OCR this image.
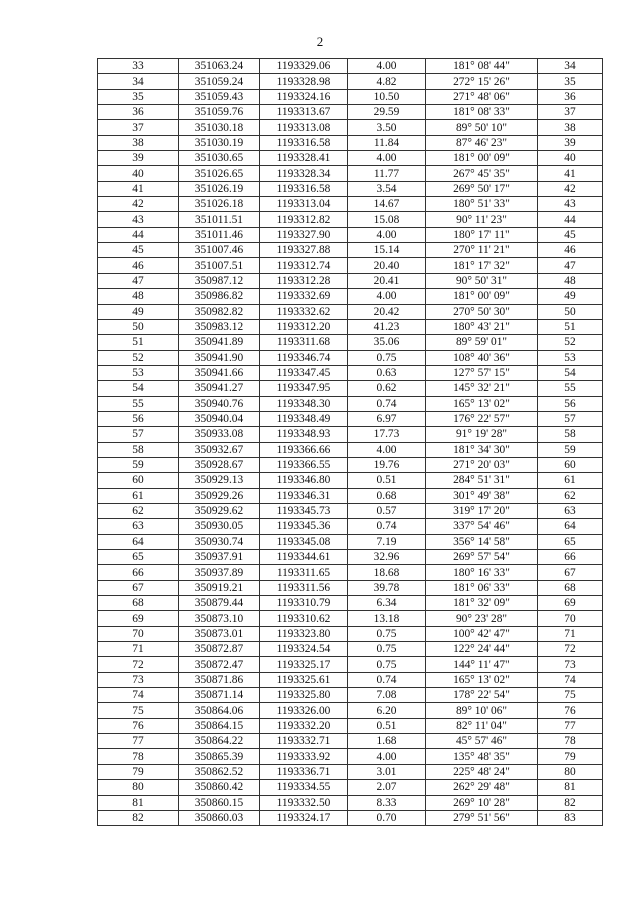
2
33	351063.24	1193329.06	4.00	181° 08' 44"	34
34	351059.24	1193328.98	4.82	272° 15' 26"	35
35	351059.43	1193324.16	10.50	271° 48' 06"	36
36	351059.76	1193313.67	29.59	181° 08' 33"	37
37	351030.18	1193313.08	3.50	89° 50' 10"	38
38	351030.19	1193316.58	11.84	87° 46' 23"	39
39	351030.65	1193328.41	4.00	181° 00' 09"	40
40	351026.65	1193328.34	11.77	267° 45' 35"	41
41	351026.19	1193316.58	3.54	269° 50' 17"	42
42	351026.18	1193313.04	14.67	180° 51' 33"	43
43	351011.51	1193312.82	15.08	90° 11' 23"	44
44	351011.46	1193327.90	4.00	180° 17' 11"	45
45	351007.46	1193327.88	15.14	270° 11' 21"	46
46	351007.51	1193312.74	20.40	181° 17' 32"	47
47	350987.12	1193312.28	20.41	90° 50' 31"	48
48	350986.82	1193332.69	4.00	181° 00' 09"	49
49	350982.82	1193332.62	20.42	270° 50' 30"	50
50	350983.12	1193312.20	41.23	180° 43' 21"	51
51	350941.89	1193311.68	35.06	89° 59' 01"	52
52	350941.90	1193346.74	0.75	108° 40' 36"	53
53	350941.66	1193347.45	0.63	127° 57' 15"	54
54	350941.27	1193347.95	0.62	145° 32' 21"	55
55	350940.76	1193348.30	0.74	165° 13' 02"	56
56	350940.04	1193348.49	6.97	176° 22' 57"	57
57	350933.08	1193348.93	17.73	91° 19' 28"	58
58	350932.67	1193366.66	4.00	181° 34' 30"	59
59	350928.67	1193366.55	19.76	271° 20' 03"	60
60	350929.13	1193346.80	0.51	284° 51' 31"	61
61	350929.26	1193346.31	0.68	301° 49' 38"	62
62	350929.62	1193345.73	0.57	319° 17' 20"	63
63	350930.05	1193345.36	0.74	337° 54' 46"	64
64	350930.74	1193345.08	7.19	356° 14' 58"	65
65	350937.91	1193344.61	32.96	269° 57' 54"	66
66	350937.89	1193311.65	18.68	180° 16' 33"	67
67	350919.21	1193311.56	39.78	181° 06' 33"	68
68	350879.44	1193310.79	6.34	181° 32' 09"	69
69	350873.10	1193310.62	13.18	90° 23' 28"	70
70	350873.01	1193323.80	0.75	100° 42' 47"	71
71	350872.87	1193324.54	0.75	122° 24' 44"	72
72	350872.47	1193325.17	0.75	144° 11' 47"	73
73	350871.86	1193325.61	0.74	165° 13' 02"	74
74	350871.14	1193325.80	7.08	178° 22' 54"	75
75	350864.06	1193326.00	6.20	89° 10' 06"	76
76	350864.15	1193332.20	0.51	82° 11' 04"	77
77	350864.22	1193332.71	1.68	45° 57' 46"	78
78	350865.39	1193333.92	4.00	135° 48' 35"	79
79	350862.52	1193336.71	3.01	225° 48' 24"	80
80	350860.42	1193334.55	2.07	262° 29' 48"	81
81	350860.15	1193332.50	8.33	269° 10' 28"	82
82	350860.03	1193324.17	0.70	279° 51' 56"	83
